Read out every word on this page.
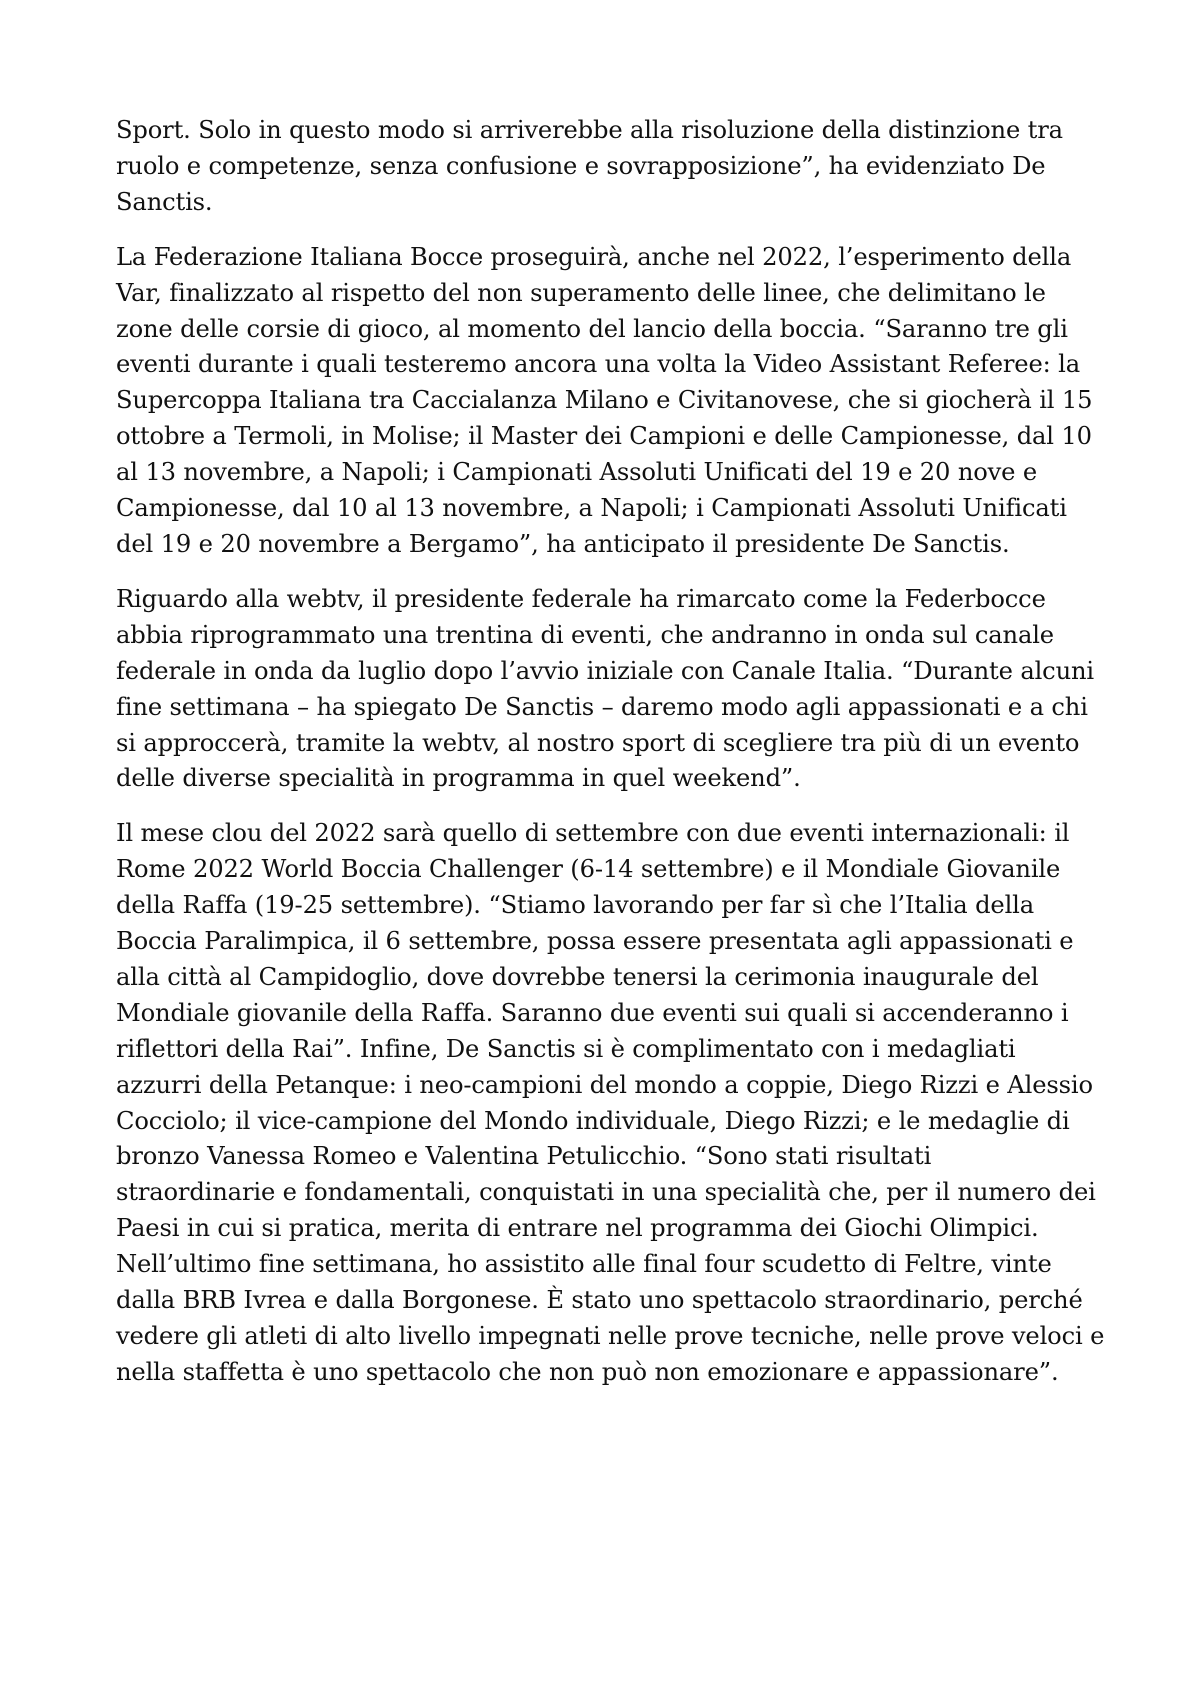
Sport. Solo in questo modo si arriverebbe alla risoluzione della distinzione tra
ruolo e competenze, senza confusione e sovrapposizione”, ha evidenziato De
Sanctis.

La Federazione Italiana Bocce proseguirà, anche nel 2022, l’esperimento della
Var, finalizzato al rispetto del non superamento delle linee, che delimitano le
zone delle corsie di gioco, al momento del lancio della boccia. “Saranno tre gli
eventi durante i quali testeremo ancora una volta la Video Assistant Referee: la
Supercoppa Italiana tra Caccialanza Milano e Civitanovese, che si giocherà il 15
ottobre a Termoli, in Molise; il Master dei Campioni e delle Campionesse, dal 10
al 13 novembre, a Napoli; i Campionati Assoluti Unificati del 19 e 20 nove e
Campionesse, dal 10 al 13 novembre, a Napoli; i Campionati Assoluti Unificati
del 19 e 20 novembre a Bergamo”, ha anticipato il presidente De Sanctis.

Riguardo alla webtv, il presidente federale ha rimarcato come la Federbocce
abbia riprogrammato una trentina di eventi, che andranno in onda sul canale
federale in onda da luglio dopo l’avvio iniziale con Canale Italia. “Durante alcuni
fine settimana – ha spiegato De Sanctis – daremo modo agli appassionati e a chi
si approccerà, tramite la webtv, al nostro sport di scegliere tra più di un evento
delle diverse specialità in programma in quel weekend”.

Il mese clou del 2022 sarà quello di settembre con due eventi internazionali: il
Rome 2022 World Boccia Challenger (6-14 settembre) e il Mondiale Giovanile
della Raffa (19-25 settembre). “Stiamo lavorando per far sì che l’Italia della
Boccia Paralimpica, il 6 settembre, possa essere presentata agli appassionati e
alla città al Campidoglio, dove dovrebbe tenersi la cerimonia inaugurale del
Mondiale giovanile della Raffa. Saranno due eventi sui quali si accenderanno i
riflettori della Rai”. Infine, De Sanctis si è complimentato con i medagliati
azzurri della Petanque: i neo-campioni del mondo a coppie, Diego Rizzi e Alessio
Cocciolo; il vice-campione del Mondo individuale, Diego Rizzi; e le medaglie di
bronzo Vanessa Romeo e Valentina Petulicchio. “Sono stati risultati
straordinarie e fondamentali, conquistati in una specialità che, per il numero dei
Paesi in cui si pratica, merita di entrare nel programma dei Giochi Olimpici.
Nell’ultimo fine settimana, ho assistito alle final four scudetto di Feltre, vinte
dalla BRB Ivrea e dalla Borgonese. È stato uno spettacolo straordinario, perché
vedere gli atleti di alto livello impegnati nelle prove tecniche, nelle prove veloci e
nella staffetta è uno spettacolo che non può non emozionare e appassionare”.
